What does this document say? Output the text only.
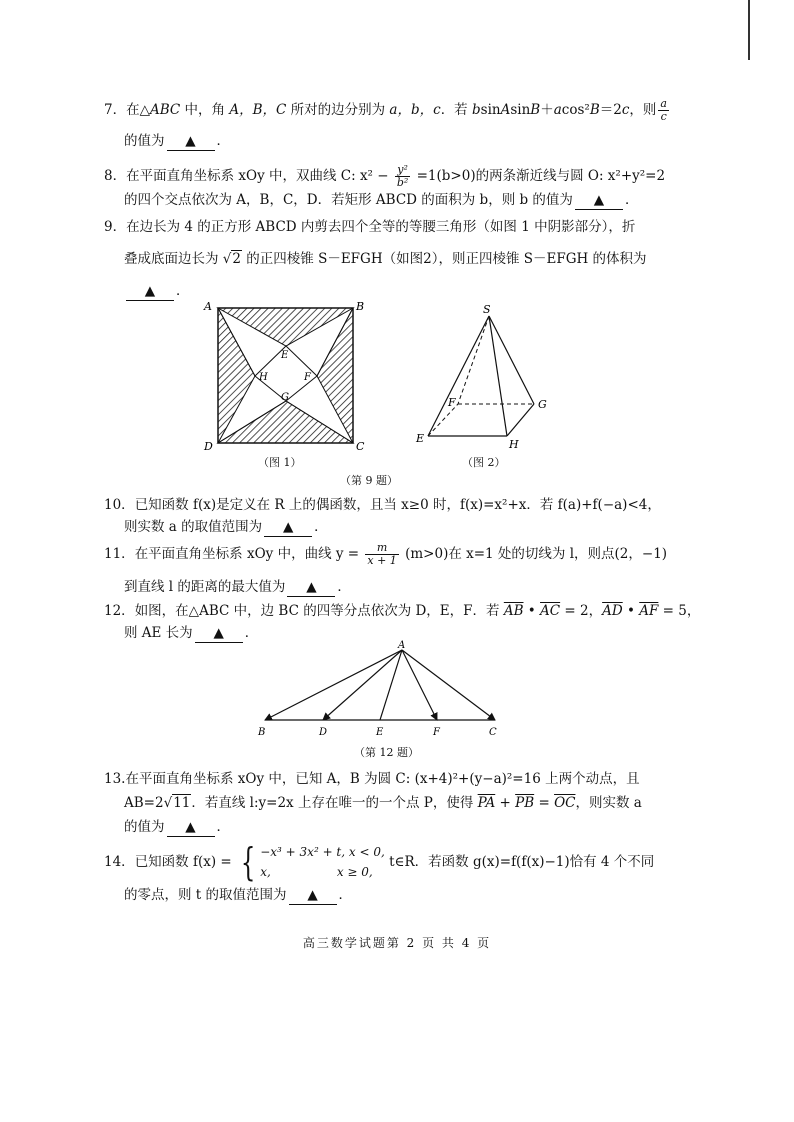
7．在△ABC 中，角 A，B，C 所对的边分别为 a，b，c．若 bsinAsinB＋acos²B＝2c，则 $\frac{a}{c}$
的值为 ▲ ．
8．在平面直角坐标系 xOy 中，双曲线 C: $x^2 - \frac{\text{y²}}{\text{b²}} =1(b>0)$的两条渐近线与圆 O: x²+y²=2
的四个交点依次为 A，B，C，D．若矩形 ABCD 的面积为 b，则 b 的值为 ▲ ．
9．在边长为 4 的正方形 ABCD 内剪去四个全等的等腰三角形（如图 1 中阴影部分），折
叠成底面边长为 √2 的正四棱锥 S－EFGH（如图2），则正四棱锥 S－EFGH 的体积为
▲ ．
A	B
C
D
E
F
G
H
（图 1）
S
E
F	G
H
（图 2）
（第 9 题）
10．已知函数 f(x)是定义在 R 上的偶函数，且当 x≥0 时，f(x)=x²+x．若 f(a)+f(−a)<4，
则实数 a 的取值范围为 ▲ ．
11．在平面直角坐标系 xOy 中，曲线 $y = \frac{m}{x + 1} (m>0)$在 x=1 处的切线为 l，则点(2，−1)
到直线 l 的距离的最大值为 ▲ ．
12．如图，在△ABC 中，边 BC 的四等分点依次为 D，E，F．若 $\overline{AB}$ • $\overline{AC} = 2$，$\overline{AD}$ • $\overline{AF} = 5$，
则 AE 长为 ▲ ．
A
B	D	E	F	C
（第 12 题）
13.在平面直角坐标系 xOy 中，已知 A，B 为圆 C: (x+4)²+(y−a)²=16 上两个动点，且
AB=2√11．若直线 l:y=2x 上存在唯一的一个点 P，使得 $\overline{PA} + \overline{PB} = \overline{OC}$，则实数 a
的值为 ▲ ．
14．已知函数 f(x) = { −x³ + 3x² + t, x < 0,
x,	x ≥ 0,
t∈R．若函数 g(x)=f(f(x)−1)恰有 4 个不同
的零点，则 t 的取值范围为 ▲ ．
高三数学试题第 2 页 共 4 页
